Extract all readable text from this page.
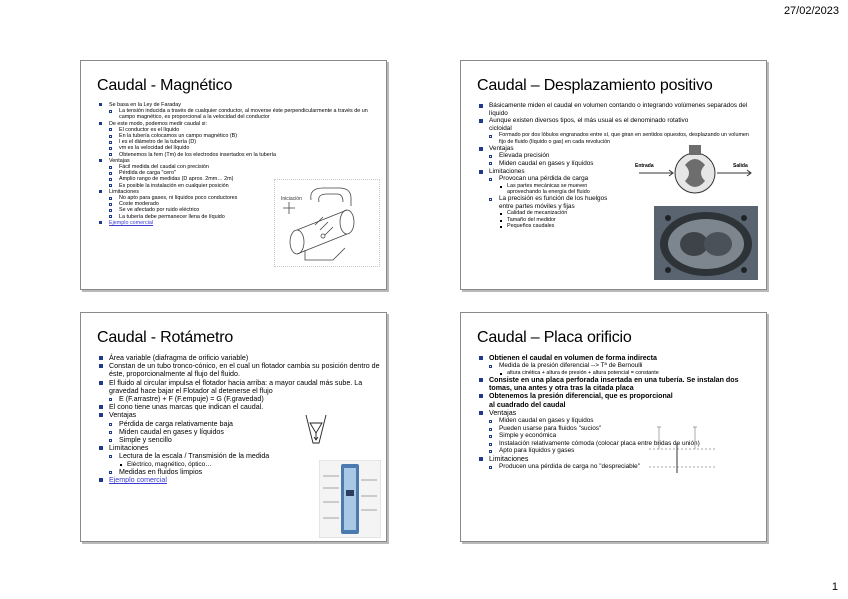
27/02/2023
Caudal - Magnético
Se basa en la Ley de Faraday
La tensión inducida a través de cualquier conductor, al moverse éste perpendicularmente a través de un campo magnético, es proporcional a la velocidad del conductor
De este modo, podemos medir caudal si:
El conductor es el líquido
En la tubería colocamos un campo magnético (B)
l es el diámetro de la tubería (D)
vm es la velocidad del líquido
Obtenemos la fem (Tm) de los electrodos insertados en la tubería
Ventajas
Fácil medida del caudal con precisión
Pérdida de carga "cero"
Amplio rango de medidas (D aprox. 2mm… 2m)
Es posible la instalación en cualquier posición
Limitaciones
No apto para gases, ni líquidos poco conductores
Coste moderado
Se ve afectado por ruido eléctrico
La tubería debe permanecer llena de líquido
Ejemplo comercial
Iniciación
Caudal – Desplazamiento positivo
Básicamente miden el caudal en volumen contando o integrando volúmenes separados del líquido
Aunque existen diversos tipos, el más usual es el denominado rotativo cicloidal
Formado por dos lóbulos engranados entre sí, que giran en sentidos opuestos, desplazando un volumen fijo de fluido (líquido o gas) en cada revolución
Ventajas
Elevada precisión
Miden caudal en gases y líquidos
Limitaciones
Provocan una pérdida de carga
Las partes mecánicas se mueven aprovechando la energía del fluido
La precisión es función de los huelgos entre partes móviles y fijas
Calidad de mecanización
Tamaño del medidor
Pequeños caudales
Entrada	Salida
Caudal - Rotámetro
Área variable (diafragma de orificio variable)
Constan de un tubo tronco-cónico, en el cual un flotador cambia su posición dentro de éste, proporcionalmente al flujo del fluido.
El fluido al circular impulsa el flotador hacia arriba: a mayor caudal más sube. La gravedad hace bajar el Flotador al detenerse el flujo
E (F.arrastre) + F (F.empuje) = G (F.gravedad)
El cono tiene unas marcas que indican el caudal.
Ventajas
Pérdida de carga relativamente baja
Miden caudal en gases y líquidos
Simple y sencillo
Limitaciones
Lectura de la escala / Transmisión de la medida
Eléctrico, magnético, óptico…
Medidas en fluidos limpios
Ejemplo comercial
Caudal – Placa orificio
Obtienen el caudal en volumen de forma indirecta
Medida de la presión diferencial --> Tª de Bernoulli
altura cinética + altura de presión + altura potencial = constante
Consiste en una placa perforada insertada en una tubería. Se instalan dos tomas, una antes y otra tras la citada placa
Obtenemos la presión diferencial, que es proporcional al cuadrado del caudal
Ventajas
Miden caudal en gases y líquidos
Pueden usarse para fluidos "sucios"
Simple y económica
Instalación relativamente cómoda (colocar placa entre bridas de unión)
Apto para líquidos y gases
Limitaciones
Producen una pérdida de carga no "despreciable"
1
